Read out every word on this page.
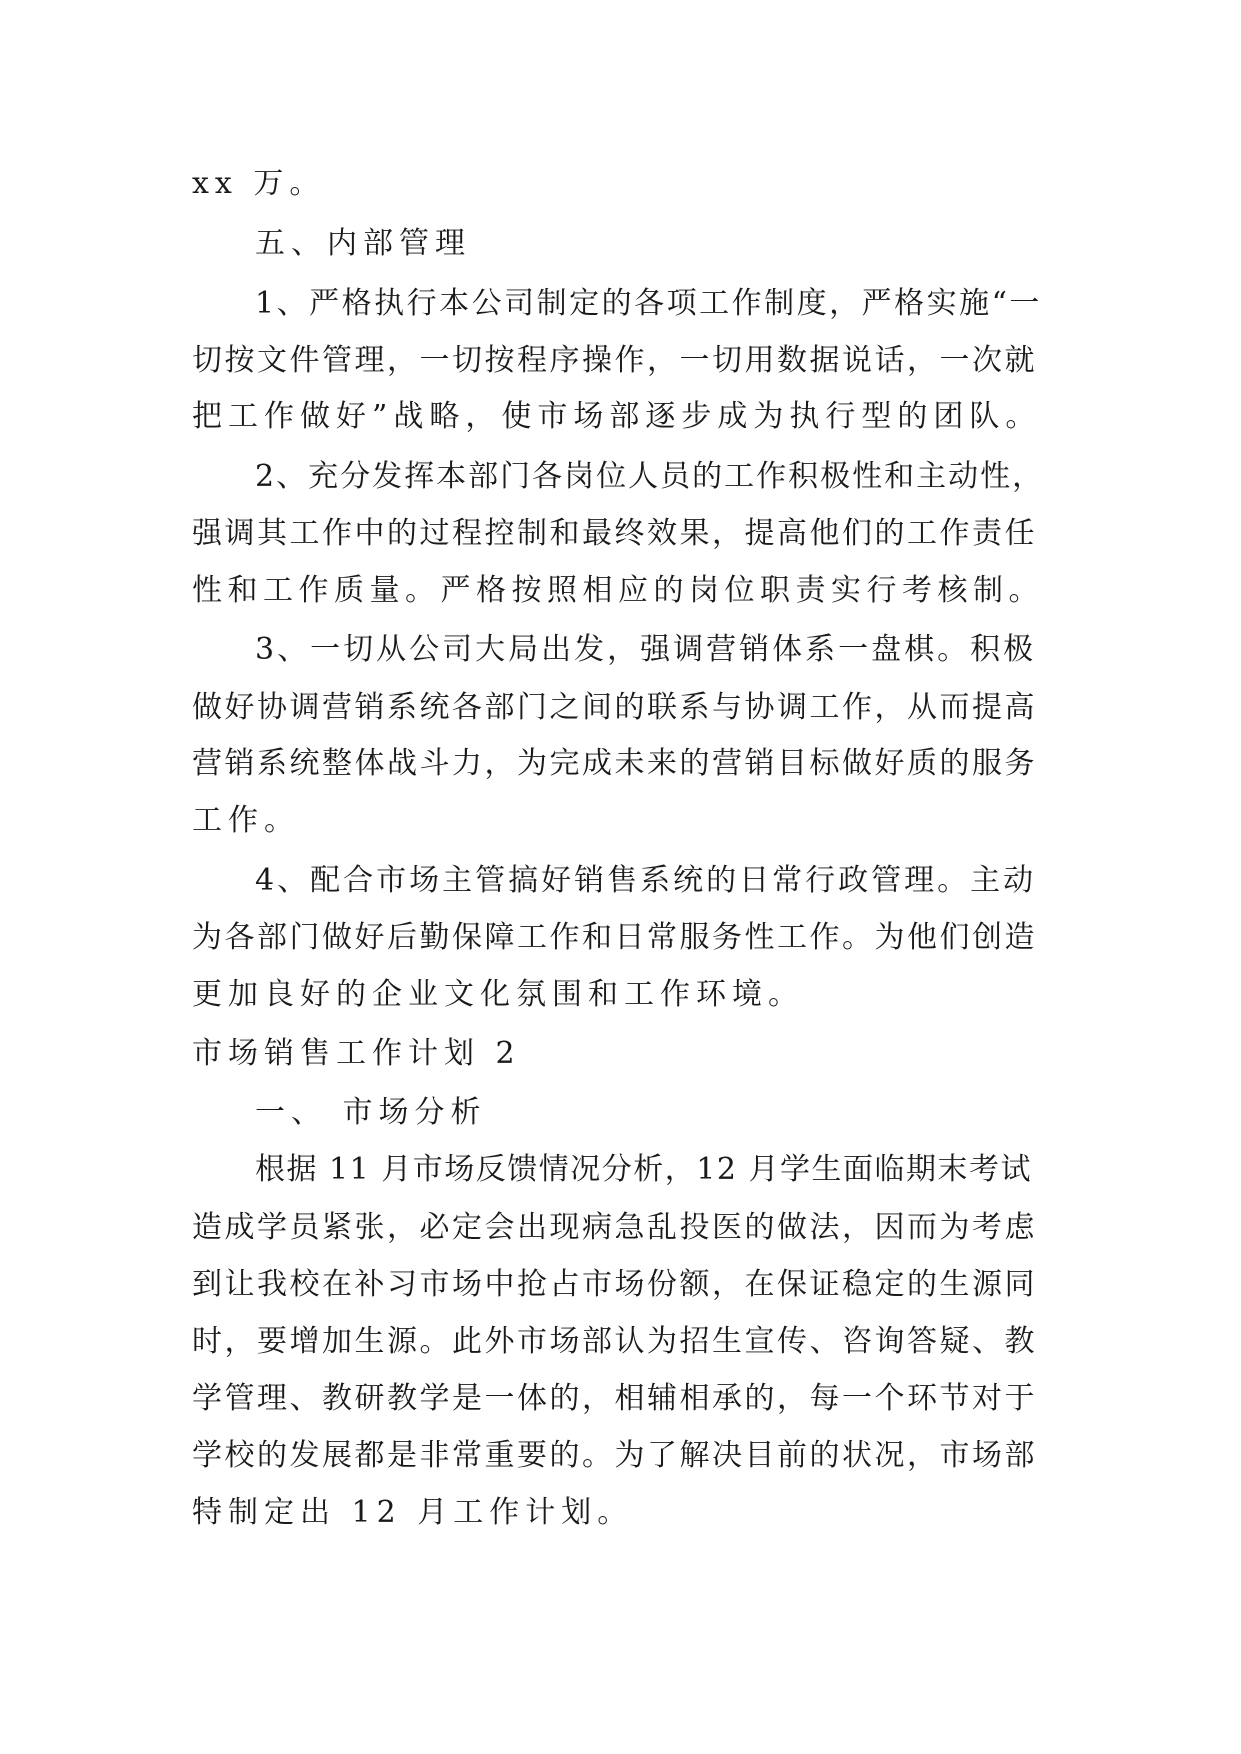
xx 万。
五、内部管理
1、严格执行本公司制定的各项工作制度，严格实施“一
切按文件管理，一切按程序操作，一切用数据说话，一次就
把工作做好”战略，使市场部逐步成为执行型的团队。
2、充分发挥本部门各岗位人员的工作积极性和主动性，
强调其工作中的过程控制和最终效果，提高他们的工作责任
性和工作质量。严格按照相应的岗位职责实行考核制。
3、一切从公司大局出发，强调营销体系一盘棋。积极
做好协调营销系统各部门之间的联系与协调工作，从而提高
营销系统整体战斗力，为完成未来的营销目标做好质的服务
工作。
4、配合市场主管搞好销售系统的日常行政管理。主动
为各部门做好后勤保障工作和日常服务性工作。为他们创造
更加良好的企业文化氛围和工作环境。
市场销售工作计划 2
一、 市场分析
根据 11 月市场反馈情况分析，12 月学生面临期末考试
造成学员紧张，必定会出现病急乱投医的做法，因而为考虑
到让我校在补习市场中抢占市场份额，在保证稳定的生源同
时，要增加生源。此外市场部认为招生宣传、咨询答疑、教
学管理、教研教学是一体的，相辅相承的，每一个环节对于
学校的发展都是非常重要的。为了解决目前的状况，市场部
特制定出 12 月工作计划。
